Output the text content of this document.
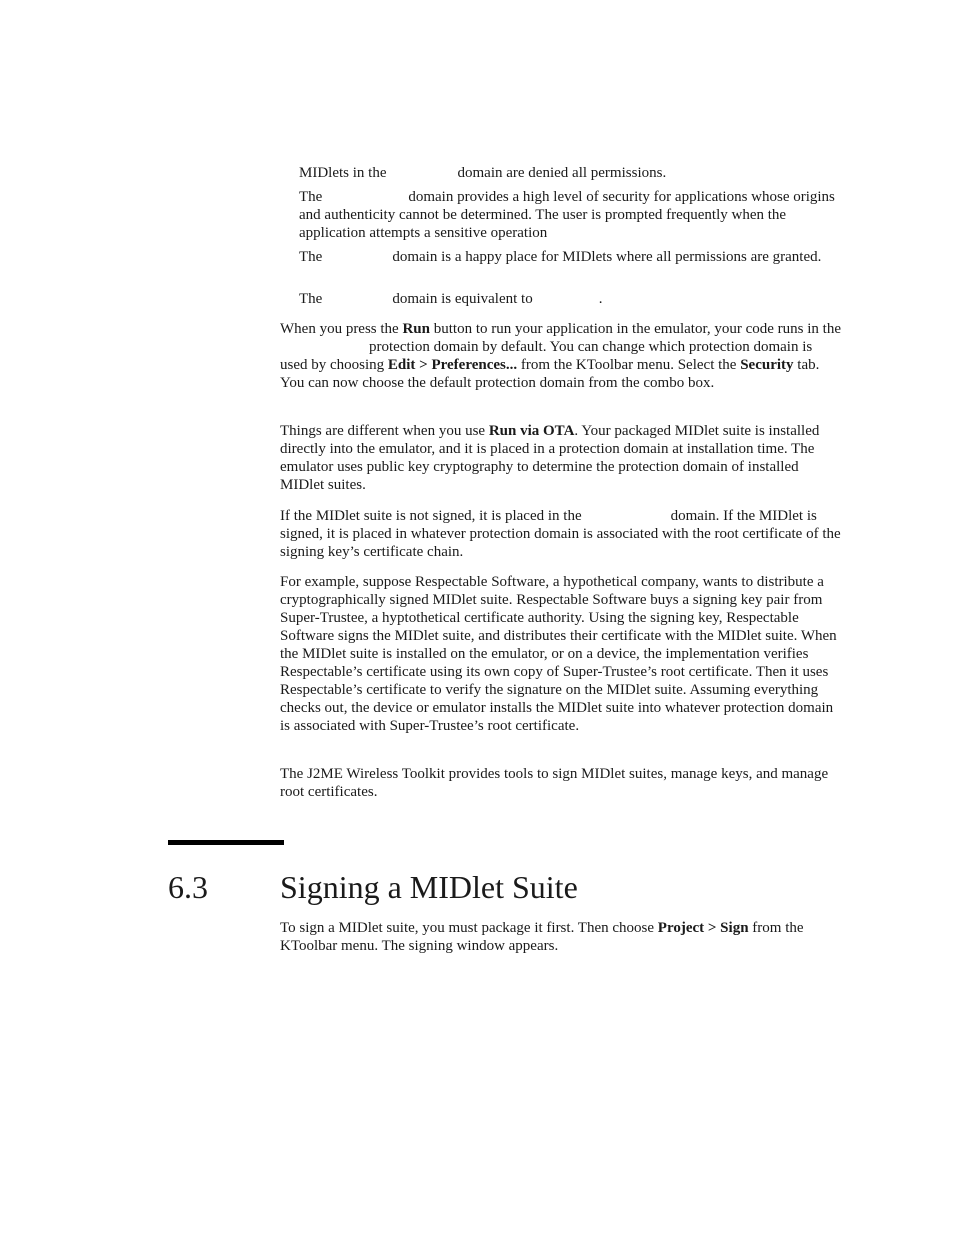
MIDlets in the	domain are denied all permissions.

The	domain provides a high level of security for applications whose origins and authenticity cannot be determined. The user is prompted frequently when the application attempts a sensitive operation

The	domain is a happy place for MIDlets where all permissions are granted.

The	domain is equivalent to	.

When you press the Run button to run your application in the emulator, your code runs in theprotection domain by default. You can change which protection domain is used by choosing Edit > Preferences... from the KToolbar menu. Select the Security tab. You can now choose the default protection domain from the combo box.

Things are different when you use Run via OTA. Your packaged MIDlet suite is installed directly into the emulator, and it is placed in a protection domain at installation time. The emulator uses public key cryptography to determine the protection domain of installed MIDlet suites.

If the MIDlet suite is not signed, it is placed in the	domain. If the MIDlet is signed, it is placed in whatever protection domain is associated with the root certificate of the signing key’s certificate chain.

For example, suppose Respectable Software, a hypothetical company, wants to distribute a cryptographically signed MIDlet suite. Respectable Software buys a signing key pair from Super-Trustee, a hyptothetical certificate authority. Using the signing key, Respectable Software signs the MIDlet suite, and distributes their certificate with the MIDlet suite. When the MIDlet suite is installed on the emulator, or on a device, the implementation verifies Respectable’s certificate using its own copy of Super-Trustee’s root certificate. Then it uses Respectable’s certificate to verify the signature on the MIDlet suite. Assuming everything checks out, the device or emulator installs the MIDlet suite into whatever protection domain is associated with Super-Trustee’s root certificate.

The J2ME Wireless Toolkit provides tools to sign MIDlet suites, manage keys, and manage root certificates.

6.3 Signing a MIDlet Suite

To sign a MIDlet suite, you must package it first. Then choose Project > Sign from the KToolbar menu. The signing window appears.
